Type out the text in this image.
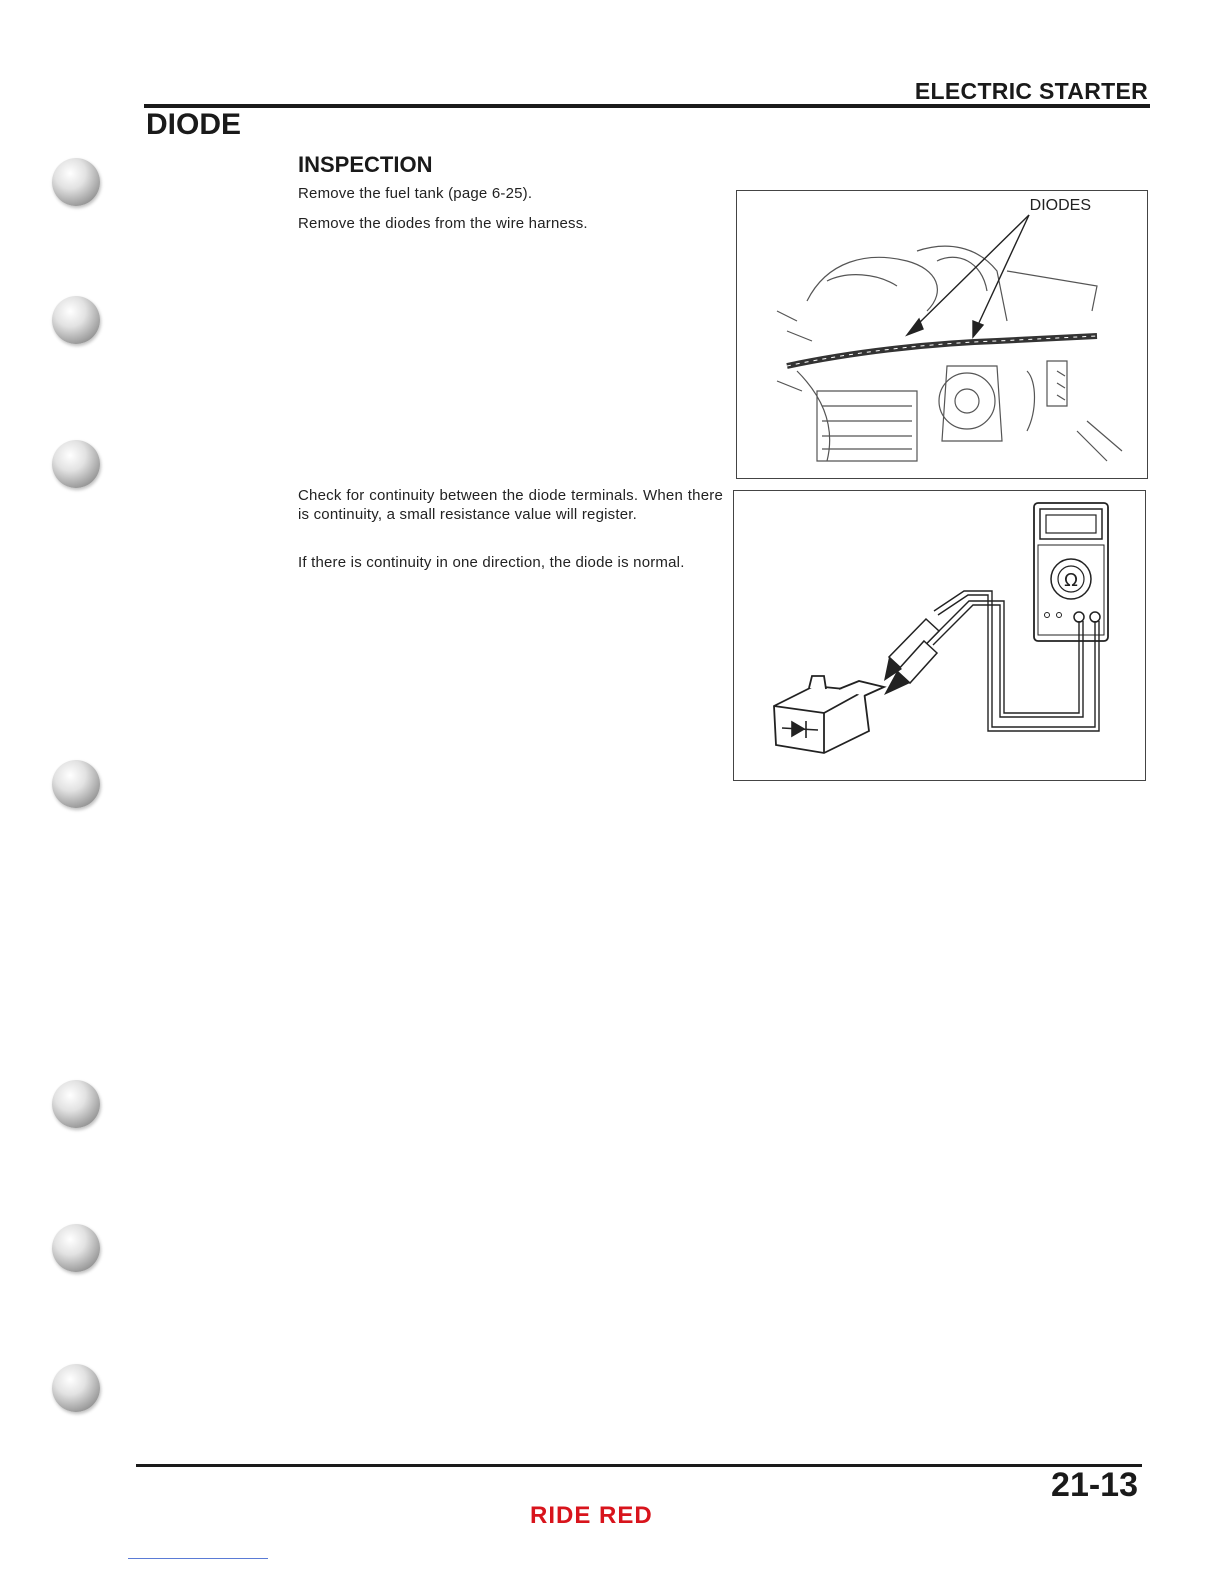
ELECTRIC STARTER
DIODE
INSPECTION

Remove the fuel tank (page 6-25).

Remove the diodes from the wire harness.

Check for continuity between the diode terminals. When there is continuity, a small resistance value will register.

If there is continuity in one direction, the diode is normal.

DIODES
Ω
21-13
RIDE RED
